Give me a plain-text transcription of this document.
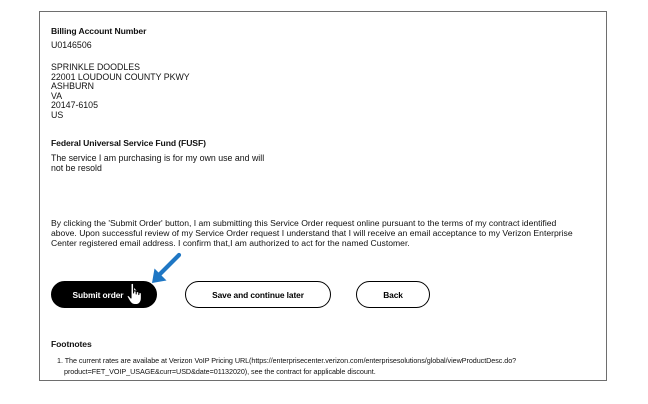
Billing Account Number
U0146506
SPRINKLE DOODLES
22001 LOUDOUN COUNTY PKWY
ASHBURN
VA
20147-6105
US
Federal Universal Service Fund (FUSF)
The service I am purchasing is for my own use and will
not be resold
By clicking the 'Submit Order' button, I am submitting this Service Order request online pursuant to the terms of my contract identified
above. Upon successful review of my Service Order request I understand that I will receive an email acceptance to my Verizon Enterprise
Center registered email address. I confirm that,I am authorized to act for the named Customer.
Submit order	Save and continue later	Back
Footnotes
1. The current rates are availabe at Verizon VoIP Pricing URL(https://enterprisecenter.verizon.com/enterprisesolutions/global/viewProductDesc.do?
product=FET_VOIP_USAGE&curr=USD&date=01132020), see the contract for applicable discount.
